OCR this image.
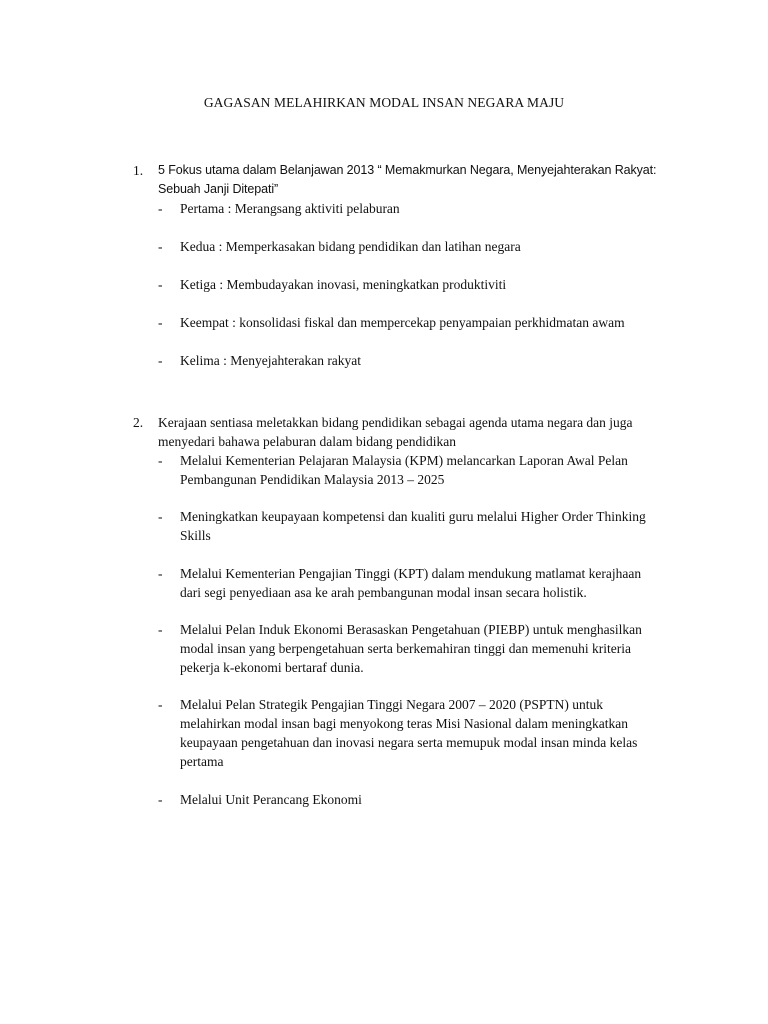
GAGASAN MELAHIRKAN MODAL INSAN NEGARA MAJU
1.	5 Fokus utama dalam Belanjawan 2013 “ Memakmurkan Negara, Menyejahterakan Rakyat: Sebuah Janji Ditepati”
- Pertama : Merangsang aktiviti pelaburan
- Kedua : Memperkasakan bidang pendidikan dan latihan negara
- Ketiga : Membudayakan inovasi, meningkatkan produktiviti
- Keempat : konsolidasi fiskal dan mempercekap penyampaian perkhidmatan awam
- Kelima : Menyejahterakan rakyat
2.	Kerajaan sentiasa meletakkan bidang pendidikan sebagai agenda utama negara dan juga menyedari bahawa pelaburan dalam bidang pendidikan
- Melalui Kementerian Pelajaran Malaysia (KPM) melancarkan Laporan Awal Pelan Pembangunan Pendidikan Malaysia 2013 – 2025
- Meningkatkan keupayaan kompetensi dan kualiti guru melalui Higher Order Thinking Skills
- Melalui Kementerian Pengajian Tinggi (KPT) dalam mendukung matlamat kerajhaan dari segi penyediaan asa ke arah pembangunan modal insan secara holistik.
- Melalui Pelan Induk Ekonomi Berasaskan Pengetahuan (PIEBP) untuk menghasilkan modal insan yang berpengetahuan serta berkemahiran tinggi dan memenuhi kriteria pekerja k-ekonomi bertaraf dunia.
- Melalui Pelan Strategik Pengajian Tinggi Negara 2007 – 2020 (PSPTN) untuk melahirkan modal insan bagi menyokong teras Misi Nasional dalam meningkatkan keupayaan pengetahuan dan inovasi negara serta memupuk modal insan minda kelas pertama
- Melalui Unit Perancang Ekonomi
